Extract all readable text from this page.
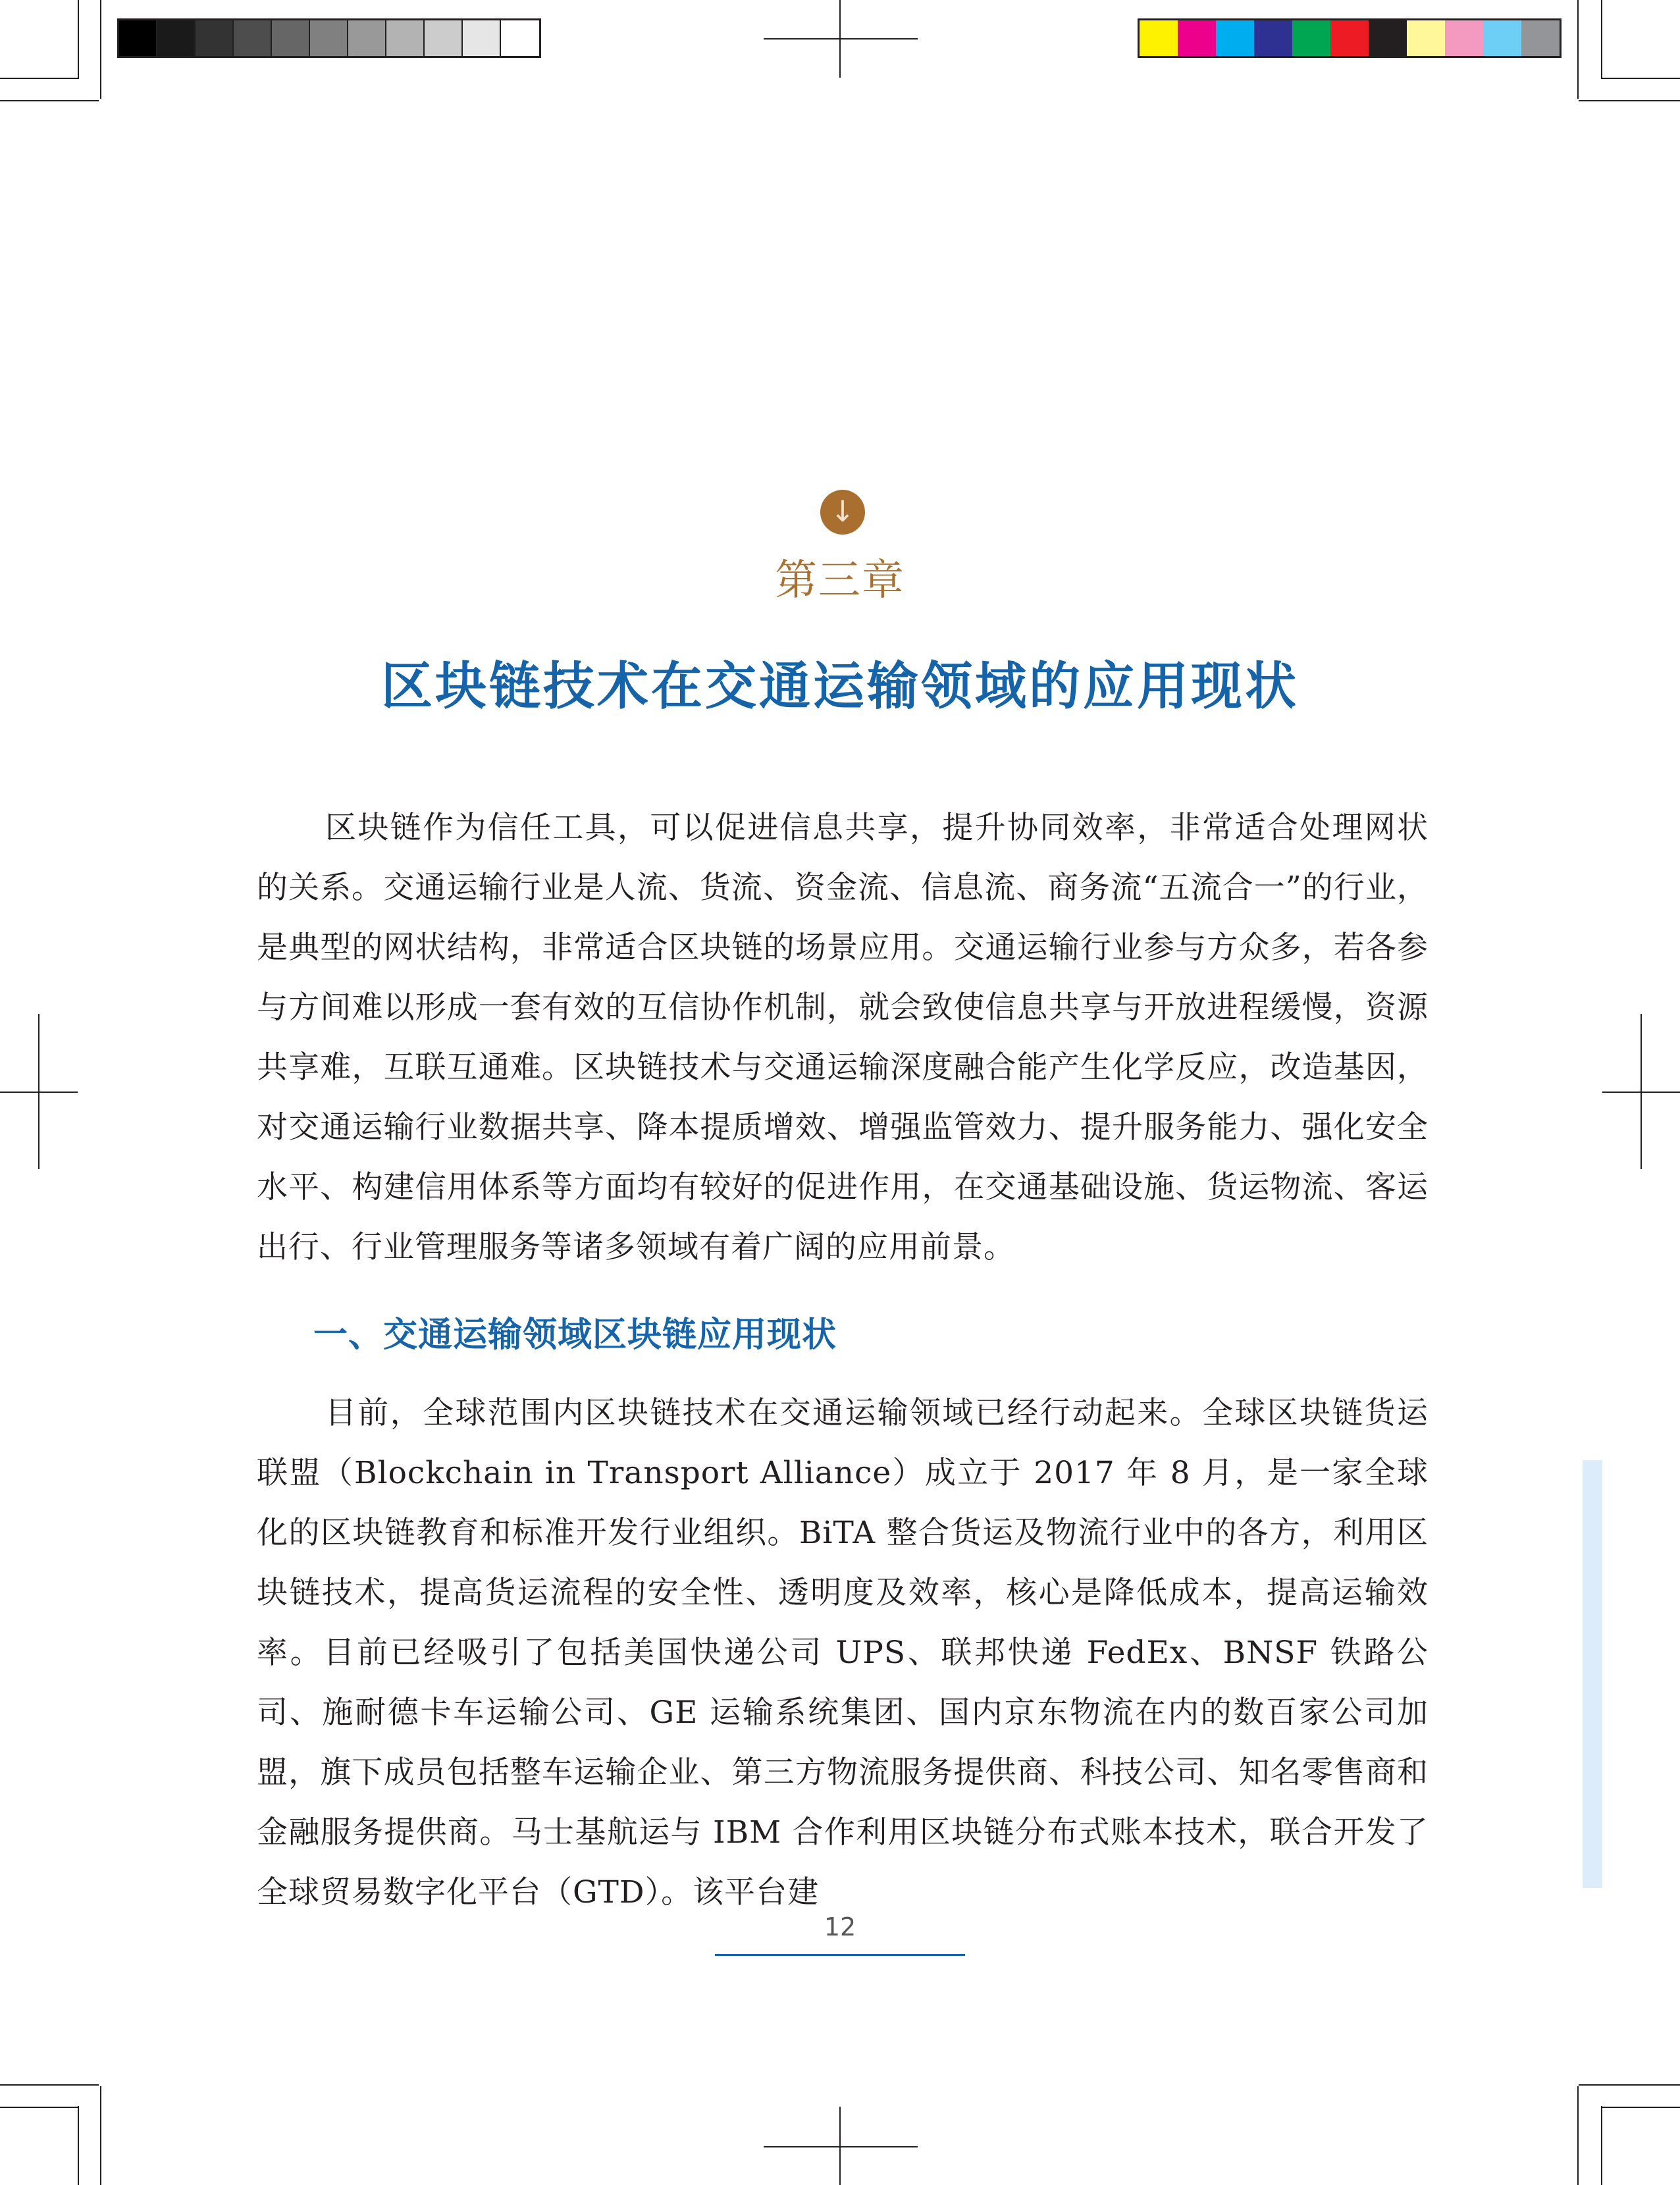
↓
第三章
区块链技术在交通运输领域的应用现状

区块链作为信任工具，可以促进信息共享，提升协同效率，非常适合处理网状的关系。交通运输行业是人流、货流、资金流、信息流、商务流“五流合一”的行业，是典型的网状结构，非常适合区块链的场景应用。交通运输行业参与方众多，若各参与方间难以形成一套有效的互信协作机制，就会致使信息共享与开放进程缓慢，资源共享难，互联互通难。区块链技术与交通运输深度融合能产生化学反应，改造基因，对交通运输行业数据共享、降本提质增效、增强监管效力、提升服务能力、强化安全水平、构建信用体系等方面均有较好的促进作用，在交通基础设施、货运物流、客运出行、行业管理服务等诸多领域有着广阔的应用前景。

一、交通运输领域区块链应用现状

目前，全球范围内区块链技术在交通运输领域已经行动起来。全球区块链货运联盟（Blockchain in Transport Alliance）成立于 2017 年 8 月，是一家全球化的区块链教育和标准开发行业组织。BiTA 整合货运及物流行业中的各方，利用区块链技术，提高货运流程的安全性、透明度及效率，核心是降低成本，提高运输效率。目前已经吸引了包括美国快递公司 UPS、联邦快递 FedEx、BNSF 铁路公司、施耐德卡车运输公司、GE 运输系统集团、国内京东物流在内的数百家公司加盟，旗下成员包括整车运输企业、第三方物流服务提供商、科技公司、知名零售商和金融服务提供商。马士基航运与 IBM 合作利用区块链分布式账本技术，联合开发了全球贸易数字化平台（GTD）。该平台建

12
